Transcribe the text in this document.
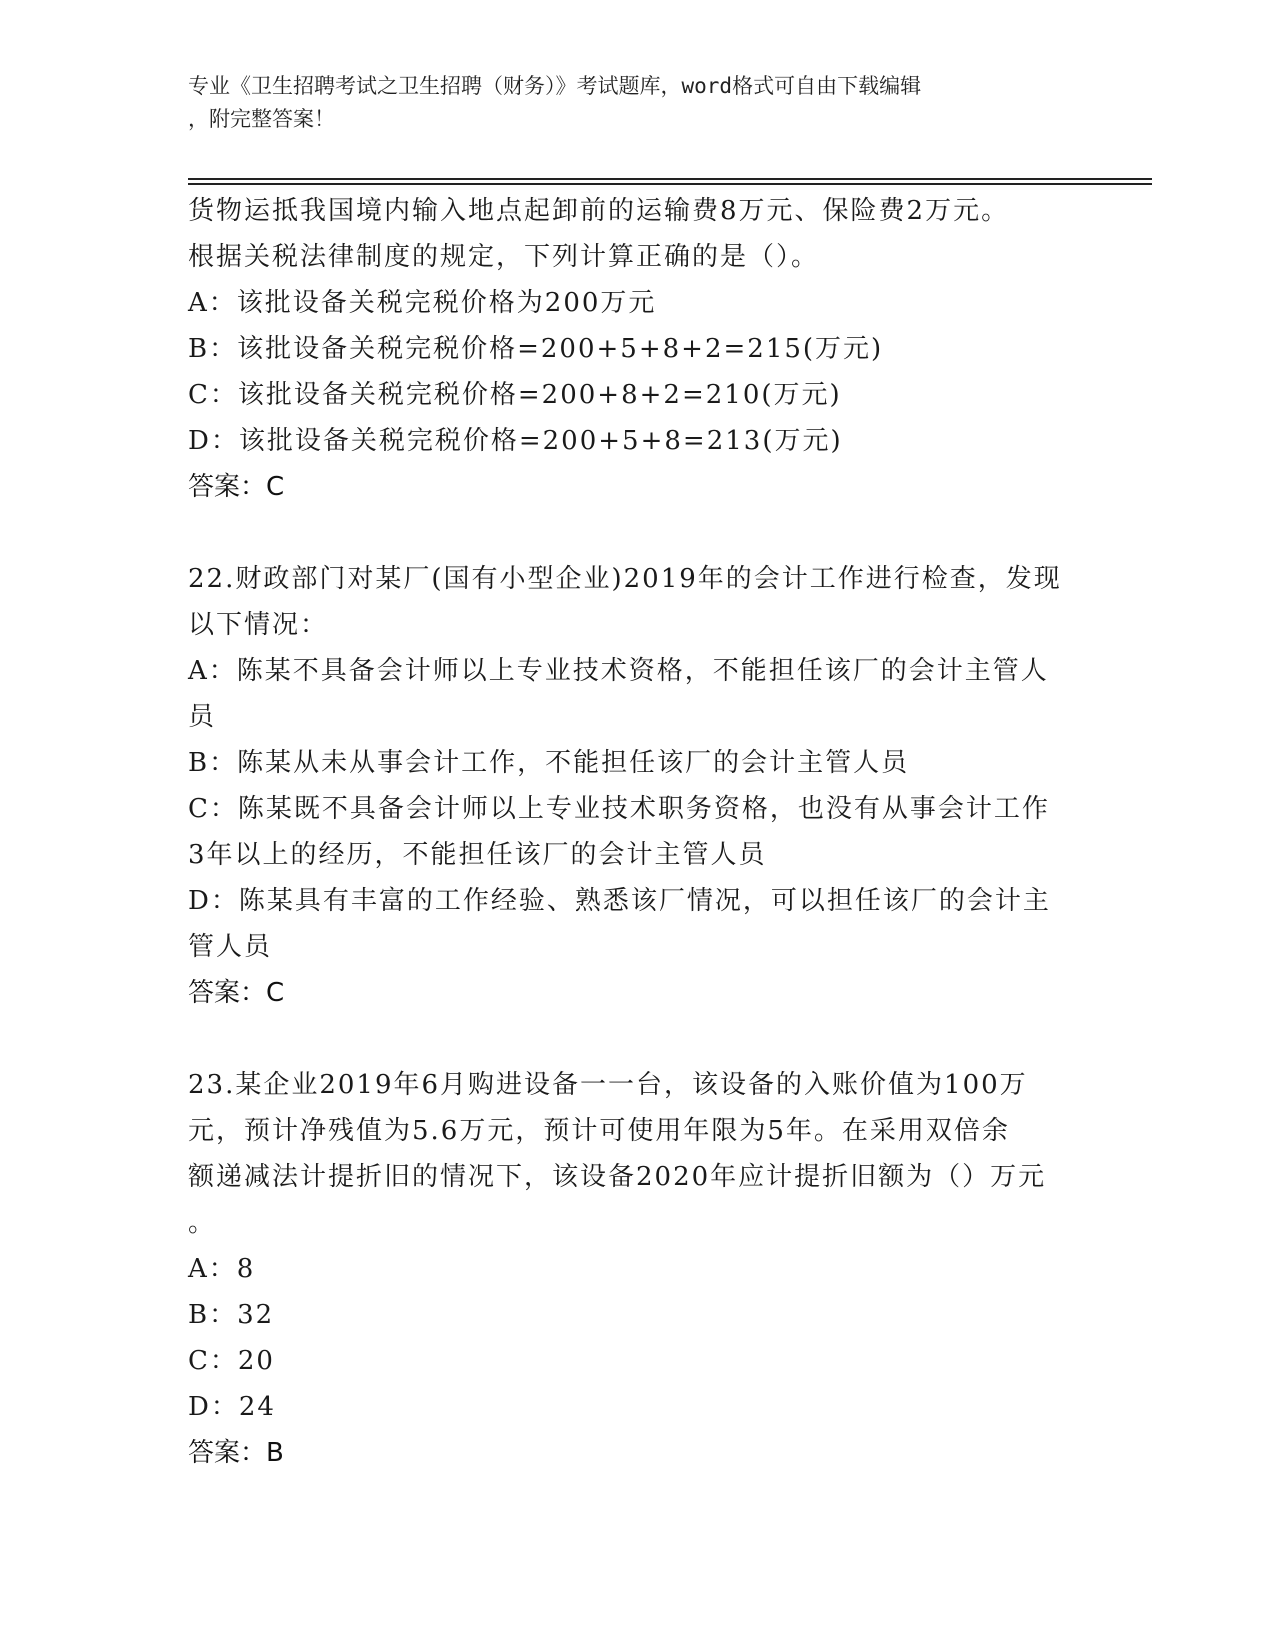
专业《卫生招聘考试之卫生招聘（财务）》考试题库，word格式可自由下载编辑
，附完整答案！
货物运抵我国境内输入地点起卸前的运输费8万元、保险费2万元。
根据关税法律制度的规定，下列计算正确的是（）。
A：该批设备关税完税价格为200万元
B：该批设备关税完税价格=200+5+8+2=215(万元)
C：该批设备关税完税价格=200+8+2=210(万元)
D：该批设备关税完税价格=200+5+8=213(万元)
答案：C
22.财政部门对某厂(国有小型企业)2019年的会计工作进行检查，发现
以下情况：
A：陈某不具备会计师以上专业技术资格，不能担任该厂的会计主管人
员
B：陈某从未从事会计工作，不能担任该厂的会计主管人员
C：陈某既不具备会计师以上专业技术职务资格，也没有从事会计工作
3年以上的经历，不能担任该厂的会计主管人员
D：陈某具有丰富的工作经验、熟悉该厂情况，可以担任该厂的会计主
管人员
答案：C
23.某企业2019年6月购进设备一一台，该设备的入账价值为100万
元，预计净残值为5.6万元，预计可使用年限为5年。在采用双倍余
额递减法计提折旧的情况下，该设备2020年应计提折旧额为（）万元
。
A：8
B：32
C：20
D：24
答案：B
